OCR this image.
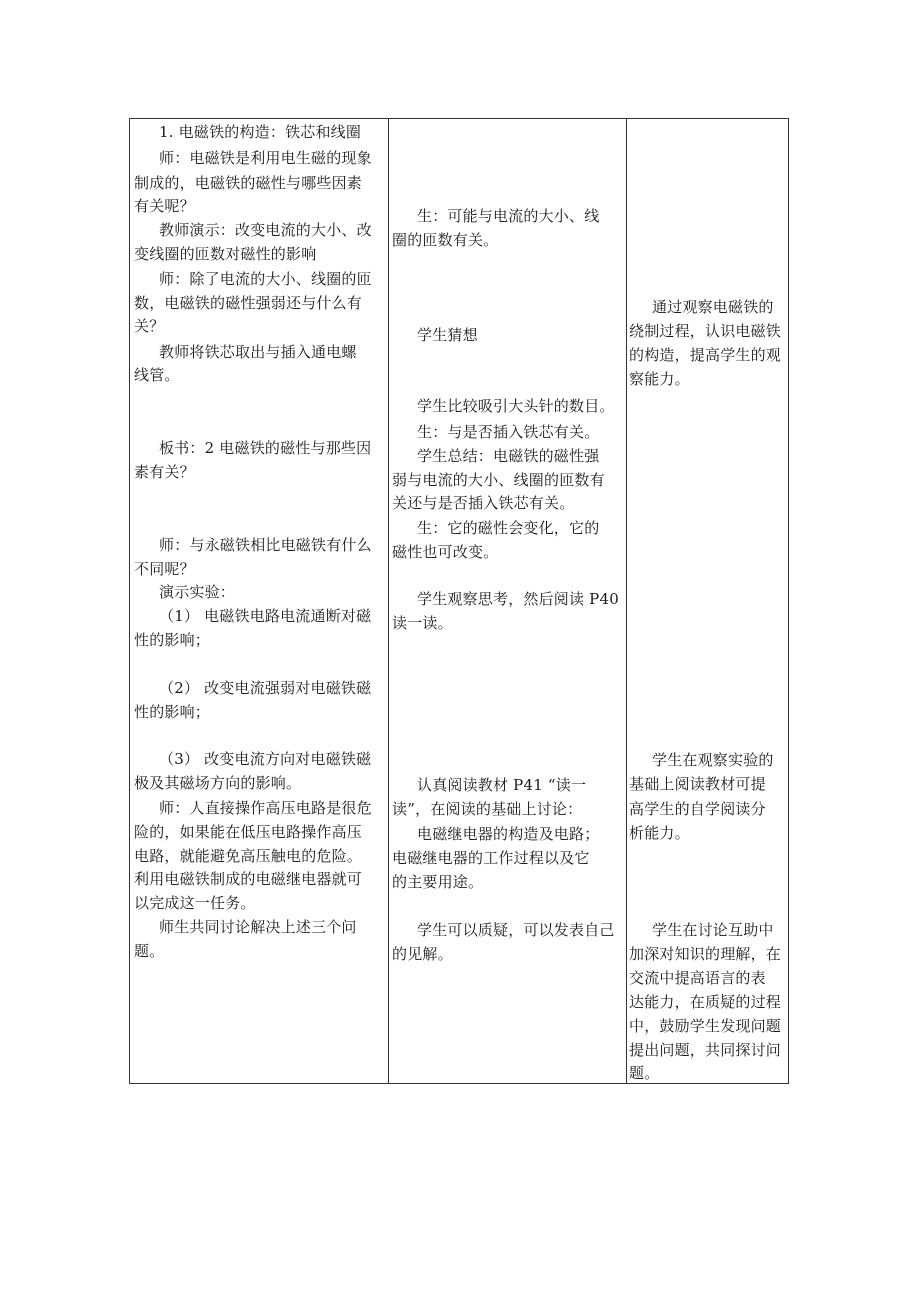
1. 电磁铁的构造：铁芯和线圈
师：电磁铁是利用电生磁的现象
制成的，电磁铁的磁性与哪些因素
有关呢？
教师演示：改变电流的大小、改
变线圈的匝数对磁性的影响
师：除了电流的大小、线圈的匝
数，电磁铁的磁性强弱还与什么有
关？
教师将铁芯取出与插入通电螺
线管。
板书：2 电磁铁的磁性与那些因
素有关？
师：与永磁铁相比电磁铁有什么
不同呢？
演示实验：
（1） 电磁铁电路电流通断对磁
性的影响；
（2） 改变电流强弱对电磁铁磁
性的影响；
（3） 改变电流方向对电磁铁磁
极及其磁场方向的影响。
师：人直接操作高压电路是很危
险的，如果能在低压电路操作高压
电路，就能避免高压触电的危险。
利用电磁铁制成的电磁继电器就可
以完成这一任务。
师生共同讨论解决上述三个问
题。
生：可能与电流的大小、线
圈的匝数有关。
学生猜想
学生比较吸引大头针的数目。
生：与是否插入铁芯有关。
学生总结：电磁铁的磁性强
弱与电流的大小、线圈的匝数有
关还与是否插入铁芯有关。
生：它的磁性会变化，它的
磁性也可改变。
学生观察思考，然后阅读 P40
读一读。
认真阅读教材 P41 “读一
读”，在阅读的基础上讨论：
电磁继电器的构造及电路；
电磁继电器的工作过程以及它
的主要用途。
学生可以质疑，可以发表自己
的见解。
通过观察电磁铁的
绕制过程，认识电磁铁
的构造，提高学生的观
察能力。
学生在观察实验的
基础上阅读教材可提
高学生的自学阅读分
析能力。
学生在讨论互助中
加深对知识的理解，在
交流中提高语言的表
达能力，在质疑的过程
中，鼓励学生发现问题
提出问题，共同探讨问
题。
